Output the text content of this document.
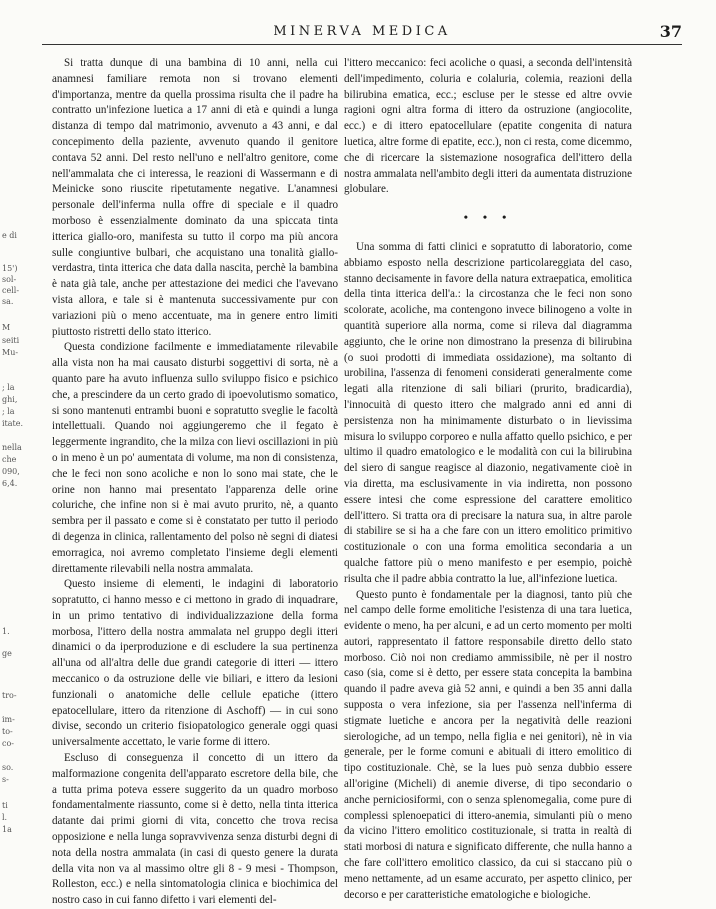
MINERVA MEDICA	37
e di
15')
sol-
cell-
sa.
M
seiti
Mu-
; la
ghi,
; la
itate.
nella
che
090,
6,4.
1.
ge
tro-
im-
to-
co-
so.
s-
ti
l.
1a

Si tratta dunque di una bambina di 10 anni, nella cui anamnesi familiare remota non si trovano elementi d'importanza, mentre da quella prossima risulta che il padre ha contratto un'infezione luetica a 17 anni di età e quindi a lunga distanza di tempo dal matrimonio, avvenuto a 43 anni, e dal concepimento della paziente, avvenuto quando il genitore contava 52 anni. Del resto nell'uno e nell'altro genitore, come nell'ammalata che ci interessa, le reazioni di Wassermann e di Meinicke sono riuscite ripetutamente negative. L'anamnesi personale dell'inferma nulla offre di speciale e il quadro morboso è essenzialmente dominato da una spiccata tinta itterica giallo-oro, manifesta su tutto il corpo ma più ancora sulle congiuntive bulbari, che acquistano una tonalità giallo-verdastra, tinta itterica che data dalla nascita, perchè la bambina è nata già tale, anche per attestazione dei medici che l'avevano vista allora, e tale si è mantenuta successivamente pur con variazioni più o meno accentuate, ma in genere entro limiti piuttosto ristretti dello stato itterico.

Questa condizione facilmente e immediatamente rilevabile alla vista non ha mai causato disturbi soggettivi di sorta, nè a quanto pare ha avuto influenza sullo sviluppo fisico e psichico che, a prescindere da un certo grado di ipoevolutismo somatico, si sono mantenuti entrambi buoni e sopratutto sveglie le facoltà intellettuali. Quando noi aggiungeremo che il fegato è leggermente ingrandito, che la milza con lievi oscillazioni in più o in meno è un po' aumentata di volume, ma non di consistenza, che le feci non sono acoliche e non lo sono mai state, che le orine non hanno mai presentato l'apparenza delle orine coluriche, che infine non si è mai avuto prurito, nè, a quanto sembra per il passato e come si è constatato per tutto il periodo di degenza in clinica, rallentamento del polso nè segni di diatesi emorragica, noi avremo completato l'insieme degli elementi direttamente rilevabili nella nostra ammalata.

Questo insieme di elementi, le indagini di laboratorio sopratutto, ci hanno messo e ci mettono in grado di inquadrare, in un primo tentativo di individualizzazione della forma morbosa, l'ittero della nostra ammalata nel gruppo degli itteri dinamici o da iperproduzione e di escludere la sua pertinenza all'una od all'altra delle due grandi categorie di itteri — ittero meccanico o da ostruzione delle vie biliari, e ittero da lesioni funzionali o anatomiche delle cellule epatiche (ittero epatocellulare, ittero da ritenzione di Aschoff) — in cui sono divise, secondo un criterio fisiopatologico generale oggi quasi universalmente accettato, le varie forme di ittero.

Escluso di conseguenza il concetto di un ittero da malformazione congenita dell'apparato escretore della bile, che a tutta prima poteva essere suggerito da un quadro morboso fondamentalmente riassunto, come si è detto, nella tinta itterica datante dai primi giorni di vita, concetto che trova recisa opposizione e nella lunga sopravvivenza senza disturbi degni di nota della nostra ammalata (in casi di questo genere la durata della vita non va al massimo oltre gli 8 - 9 mesi - Thompson, Rolleston, ecc.) e nella sintomatologia clinica e biochimica del nostro caso in cui fanno difetto i vari elementi del-

l'ittero meccanico: feci acoliche o quasi, a seconda dell'intensità dell'impedimento, coluria e colaluria, colemia, reazioni della bilirubina ematica, ecc.; escluse per le stesse ed altre ovvie ragioni ogni altra forma di ittero da ostruzione (angiocolite, ecc.) e di ittero epatocellulare (epatite congenita di natura luetica, altre forme di epatite, ecc.), non ci resta, come dicemmo, che di ricercare la sistemazione nosografica dell'ittero della nostra ammalata nell'ambito degli itteri da aumentata distruzione globulare.

• • •

Una somma di fatti clinici e sopratutto di laboratorio, come abbiamo esposto nella descrizione particolareggiata del caso, stanno decisamente in favore della natura extraepatica, emolitica della tinta itterica dell'a.: la circostanza che le feci non sono scolorate, acoliche, ma contengono invece bilinogeno a volte in quantità superiore alla norma, come si rileva dal diagramma aggiunto, che le orine non dimostrano la presenza di bilirubina (o suoi prodotti di immediata ossidazione), ma soltanto di urobilina, l'assenza di fenomeni considerati generalmente come legati alla ritenzione di sali biliari (prurito, bradicardia), l'innocuità di questo ittero che malgrado anni ed anni di persistenza non ha minimamente disturbato o in lievissima misura lo sviluppo corporeo e nulla affatto quello psichico, e per ultimo il quadro ematologico e le modalità con cui la bilirubina del siero di sangue reagisce al diazonio, negativamente cioè in via diretta, ma esclusivamente in via indiretta, non possono essere intesi che come espressione del carattere emolitico dell'ittero. Si tratta ora di precisare la natura sua, in altre parole di stabilire se si ha a che fare con un ittero emolitico primitivo costituzionale o con una forma emolitica secondaria a un qualche fattore più o meno manifesto e per esempio, poichè risulta che il padre abbia contratto la lue, all'infezione luetica.

Questo punto è fondamentale per la diagnosi, tanto più che nel campo delle forme emolitiche l'esistenza di una tara luetica, evidente o meno, ha per alcuni, e ad un certo momento per molti autori, rappresentato il fattore responsabile diretto dello stato morboso. Ciò noi non crediamo ammissibile, nè per il nostro caso (sia, come si è detto, per essere stata concepita la bambina quando il padre aveva già 52 anni, e quindi a ben 35 anni dalla supposta o vera infezione, sia per l'assenza nell'inferma di stigmate luetiche e ancora per la negatività delle reazioni sierologiche, ad un tempo, nella figlia e nei genitori), nè in via generale, per le forme comuni e abituali di ittero emolitico di tipo costituzionale. Chè, se la lues può senza dubbio essere all'origine (Micheli) di anemie diverse, di tipo secondario o anche perniciosiformi, con o senza splenomegalia, come pure di complessi splenoepatici di ittero-anemia, simulanti più o meno da vicino l'ittero emolitico costituzionale, si tratta in realtà di stati morbosi di natura e significato differente, che nulla hanno a che fare coll'ittero emolitico classico, da cui si staccano più o meno nettamente, ad un esame accurato, per aspetto clinico, per decorso e per caratteristiche ematologiche e biologiche.
